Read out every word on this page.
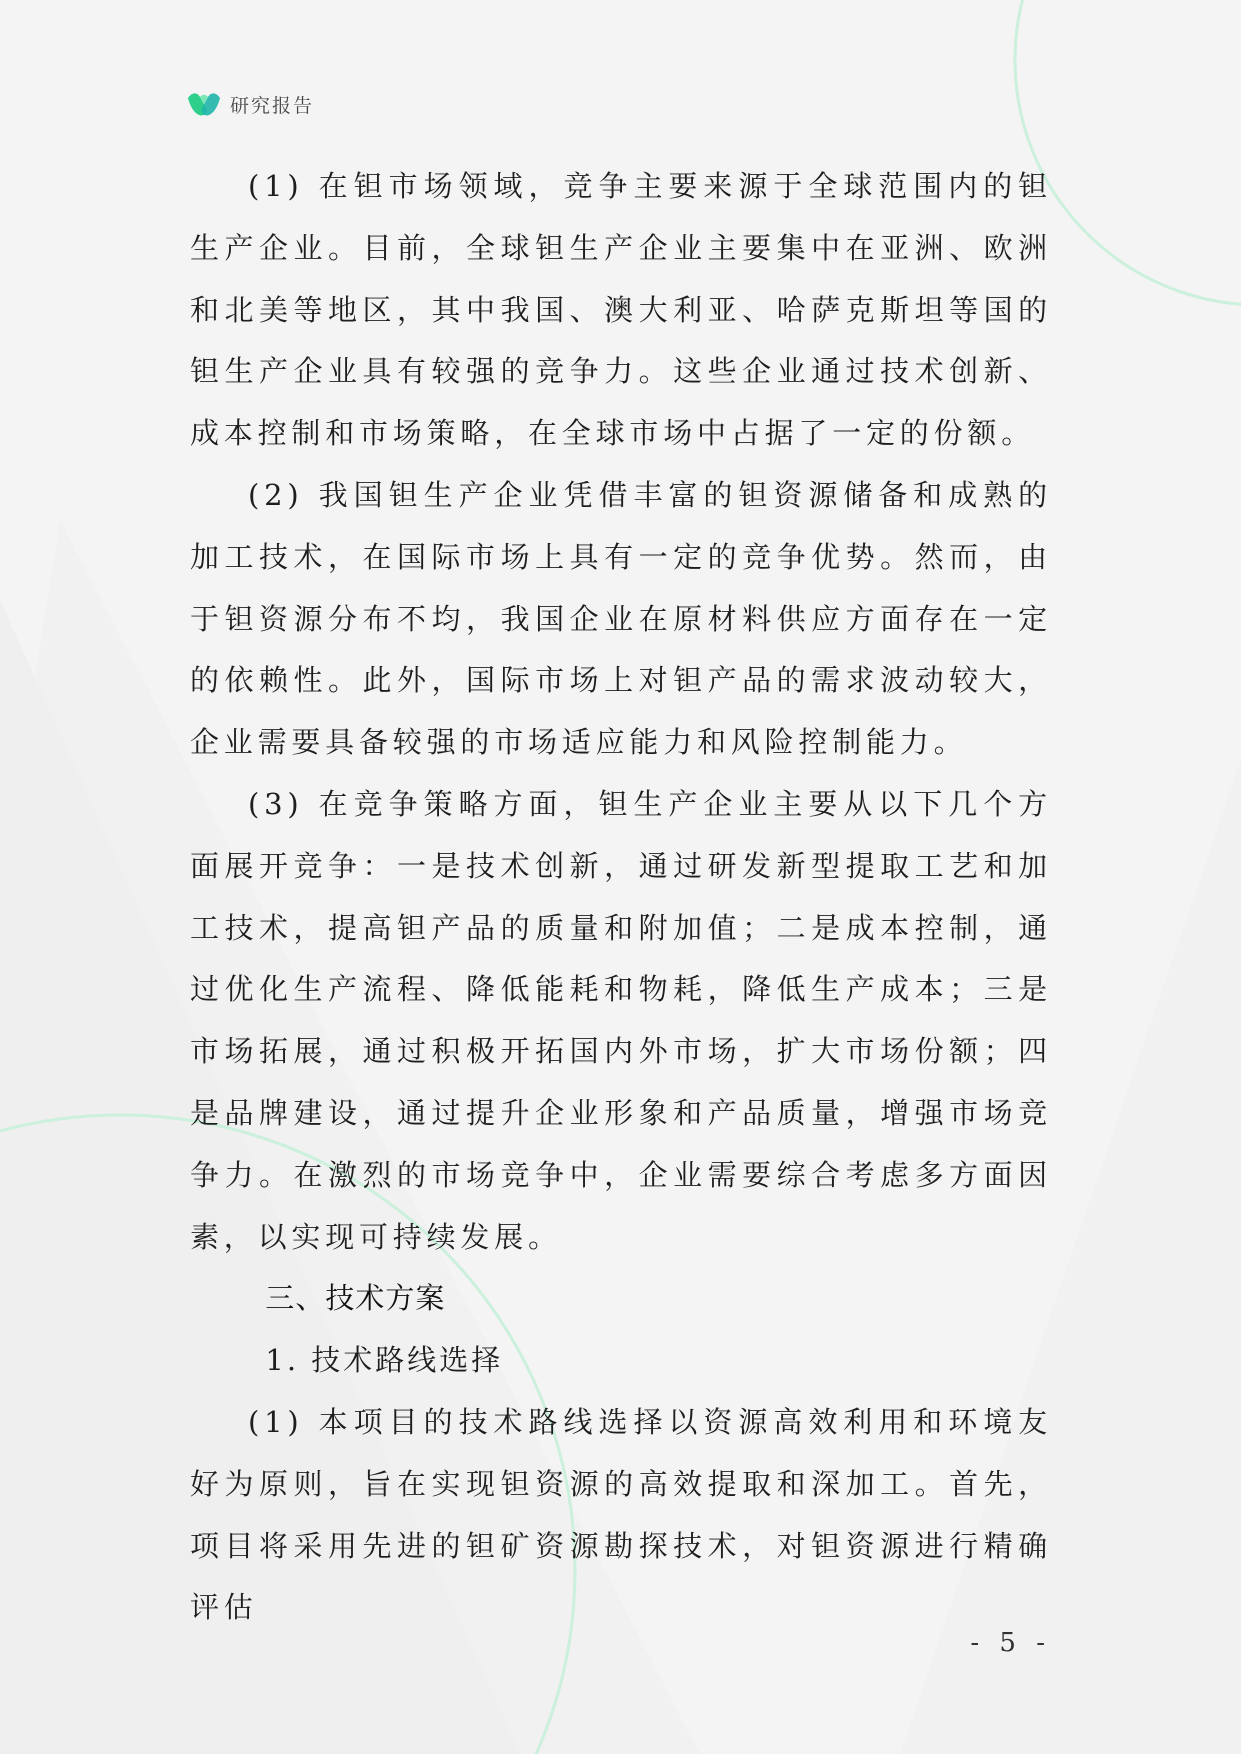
研究报告

(1) 在钽市场领域，竞争主要来源于全球范围内的钽生产企业。目前，全球钽生产企业主要集中在亚洲、欧洲和北美等地区，其中我国、澳大利亚、哈萨克斯坦等国的钽生产企业具有较强的竞争力。这些企业通过技术创新、成本控制和市场策略，在全球市场中占据了一定的份额。

(2) 我国钽生产企业凭借丰富的钽资源储备和成熟的加工技术，在国际市场上具有一定的竞争优势。然而，由于钽资源分布不均，我国企业在原材料供应方面存在一定的依赖性。此外，国际市场上对钽产品的需求波动较大，企业需要具备较强的市场适应能力和风险控制能力。

(3) 在竞争策略方面，钽生产企业主要从以下几个方面展开竞争：一是技术创新，通过研发新型提取工艺和加工技术，提高钽产品的质量和附加值；二是成本控制，通过优化生产流程、降低能耗和物耗，降低生产成本；三是市场拓展，通过积极开拓国内外市场，扩大市场份额；四是品牌建设，通过提升企业形象和产品质量，增强市场竞争力。在激烈的市场竞争中，企业需要综合考虑多方面因素，以实现可持续发展。

三、技术方案

1. 技术路线选择

(1) 本项目的技术路线选择以资源高效利用和环境友好为原则，旨在实现钽资源的高效提取和深加工。首先，项目将采用先进的钽矿资源勘探技术，对钽资源进行精确评估

- 5 -
